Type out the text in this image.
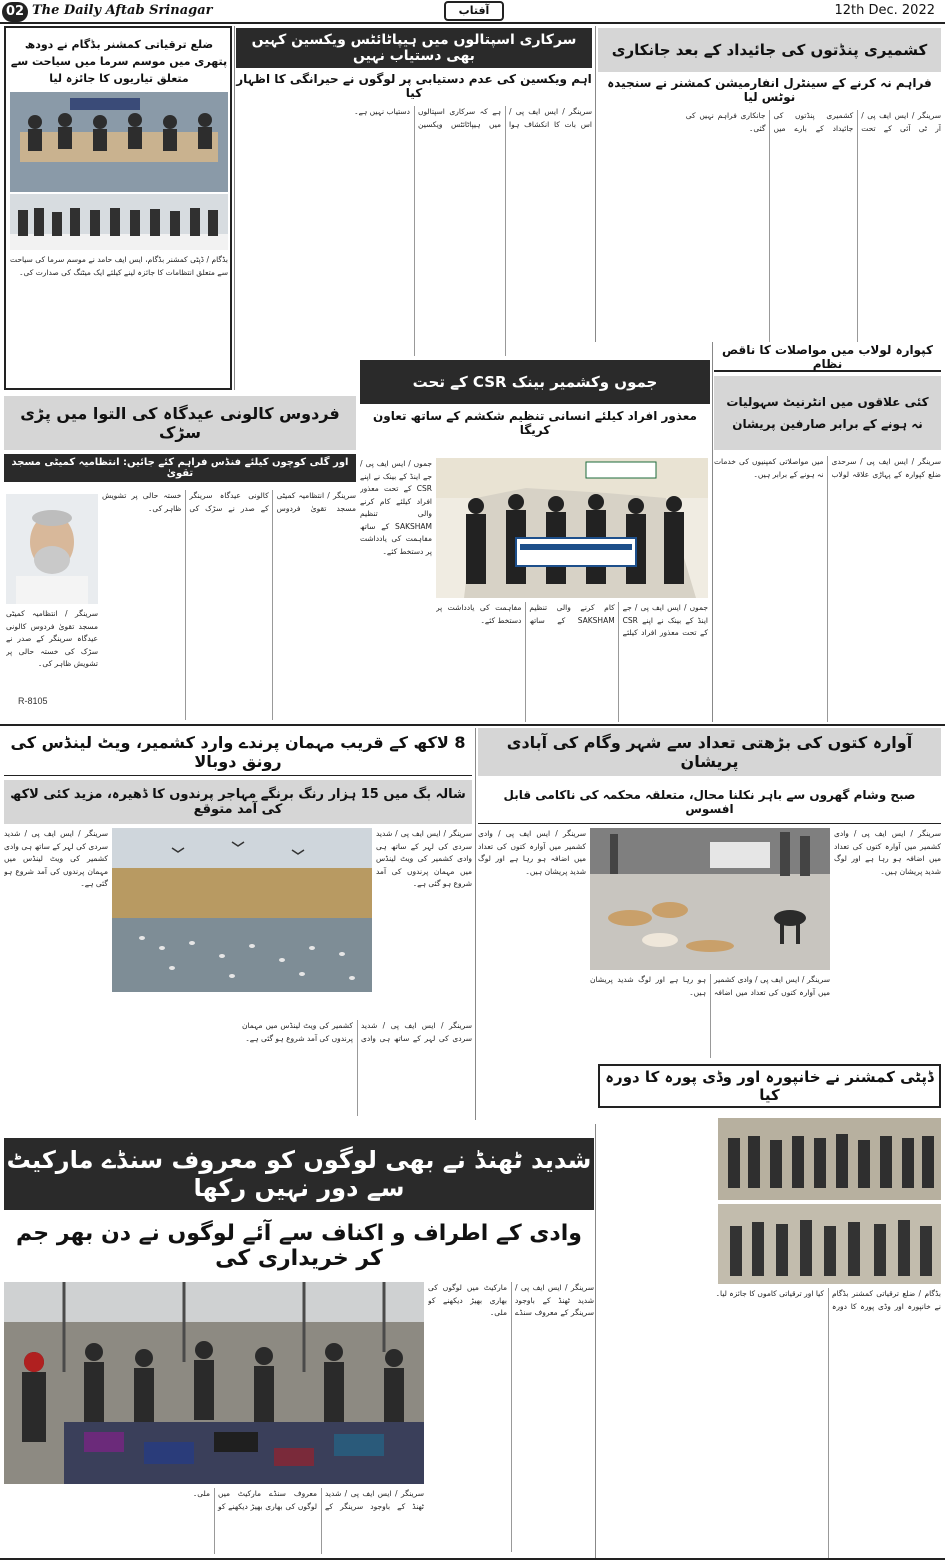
02 The Daily Aftab Srinagar	آفتاب	12th Dec. 2022
ضلع ترقیاتی کمشنر بڈگام نے دودھ پتھری میں موسم سرما میں سیاحت سے متعلق تیاریوں کا جائزہ لیا
بڈگام / ڈپٹی کمشنر بڈگام، ایس ایف حامد نے موسم سرما کی سیاحت سے متعلق انتظامات کا جائزہ لینے کیلئے ایک میٹنگ کی صدارت کی۔
سرکاری اسپتالوں میں ہیپاٹائٹس ویکسین کہیں بھی دستیاب نہیں
اہم ویکسین کی عدم دستیابی پر لوگوں نے حیرانگی کا اظہار کیا
سرینگر / ایس ایف پی / اس بات کا انکشاف ہوا ہے کہ سرکاری اسپتالوں میں ہیپاٹائٹس ویکسین دستیاب نہیں ہے۔
کشمیری پنڈتوں کی جائیداد کے بعد جانکاری
فراہم نہ کرنے کے سینٹرل انفارمیشن کمشنر نے سنجیدہ نوٹس لیا
سرینگر / ایس ایف پی / آر ٹی آئی کے تحت کشمیری پنڈتوں کی جائیداد کے بارے میں جانکاری فراہم نہیں کی گئی۔
کپوارہ لولاب میں مواصلات کا ناقص نظام
کئی علاقوں میں انٹرنیٹ سہولیات نہ ہونے کے برابر صارفین پریشان
سرینگر / ایس ایف پی / سرحدی ضلع کپوارہ کے پہاڑی علاقہ لولاب میں مواصلاتی کمپنیوں کی خدمات نہ ہونے کے برابر ہیں۔
جموں وکشمیر بینک CSR کے تحت
معذور افراد کیلئے انسانی تنظیم شکشم کے ساتھ تعاون کریگا
جموں / ایس ایف پی / جے اینڈ کے بینک نے اپنے CSR کے تحت معذور افراد کیلئے کام کرنے والی تنظیم SAKSHAM کے ساتھ مفاہمت کی یادداشت پر دستخط کئے۔
جموں / ایس ایف پی / جے اینڈ کے بینک نے اپنے CSR کے تحت معذور افراد کیلئے کام کرنے والی تنظیم SAKSHAM کے ساتھ مفاہمت کی یادداشت پر دستخط کئے۔
فردوس کالونی عیدگاہ کی التوا میں پڑی سڑک
اور گلی کوچوں کیلئے فنڈس فراہم کئے جائیں: انتظامیہ کمیٹی مسجد تقویٰ
سرینگر / انتظامیہ کمیٹی مسجد تقویٰ فردوس کالونی عیدگاہ سرینگر کے صدر نے سڑک کی خستہ حالی پر تشویش ظاہر کی۔
سرینگر / انتظامیہ کمیٹی مسجد تقویٰ فردوس کالونی عیدگاہ سرینگر کے صدر نے سڑک کی خستہ حالی پر تشویش ظاہر کی۔
R-8105
8 لاکھ کے قریب مہمان پرندے وارد کشمیر، ویٹ لینڈس کی رونق دوبالا
شالہ بگ میں 15 ہزار رنگ برنگے مہاجر پرندوں کا ڈھیرہ، مزید کئی لاکھ کی آمد متوقع
سرینگر / ایس ایف پی / شدید سردی کی لہر کے ساتھ ہی وادی کشمیر کی ویٹ لینڈس میں مہمان پرندوں کی آمد شروع ہو گئی ہے۔
سرینگر / ایس ایف پی / شدید سردی کی لہر کے ساتھ ہی وادی کشمیر کی ویٹ لینڈس میں مہمان پرندوں کی آمد شروع ہو گئی ہے۔
سرینگر / ایس ایف پی / شدید سردی کی لہر کے ساتھ ہی وادی کشمیر کی ویٹ لینڈس میں مہمان پرندوں کی آمد شروع ہو گئی ہے۔
آوارہ کتوں کی بڑھتی تعداد سے شہر وگام کی آبادی پریشان
صبح وشام گھروں سے باہر نکلنا محال، متعلقہ محکمہ کی ناکامی قابل افسوس
سرینگر / ایس ایف پی / وادی کشمیر میں آوارہ کتوں کی تعداد میں اضافہ ہو رہا ہے اور لوگ شدید پریشان ہیں۔
سرینگر / ایس ایف پی / وادی کشمیر میں آوارہ کتوں کی تعداد میں اضافہ ہو رہا ہے اور لوگ شدید پریشان ہیں۔
سرینگر / ایس ایف پی / وادی کشمیر میں آوارہ کتوں کی تعداد میں اضافہ ہو رہا ہے اور لوگ شدید پریشان ہیں۔
ڈپٹی کمشنر نے خانپورہ اور وڈی پورہ کا دورہ کیا
بڈگام / ضلع ترقیاتی کمشنر بڈگام نے خانپورہ اور وڈی پورہ کا دورہ کیا اور ترقیاتی کاموں کا جائزہ لیا۔
شدید ٹھنڈ نے بھی لوگوں کو معروف سنڈے مارکیٹ سے دور نہیں رکھا
وادی کے اطراف و اکناف سے آئے لوگوں نے دن بھر جم کر خریداری کی
سرینگر / ایس ایف پی / شدید ٹھنڈ کے باوجود سرینگر کے معروف سنڈے مارکیٹ میں لوگوں کی بھاری بھیڑ دیکھنے کو ملی۔
سرینگر / ایس ایف پی / شدید ٹھنڈ کے باوجود سرینگر کے معروف سنڈے مارکیٹ میں لوگوں کی بھاری بھیڑ دیکھنے کو ملی۔
